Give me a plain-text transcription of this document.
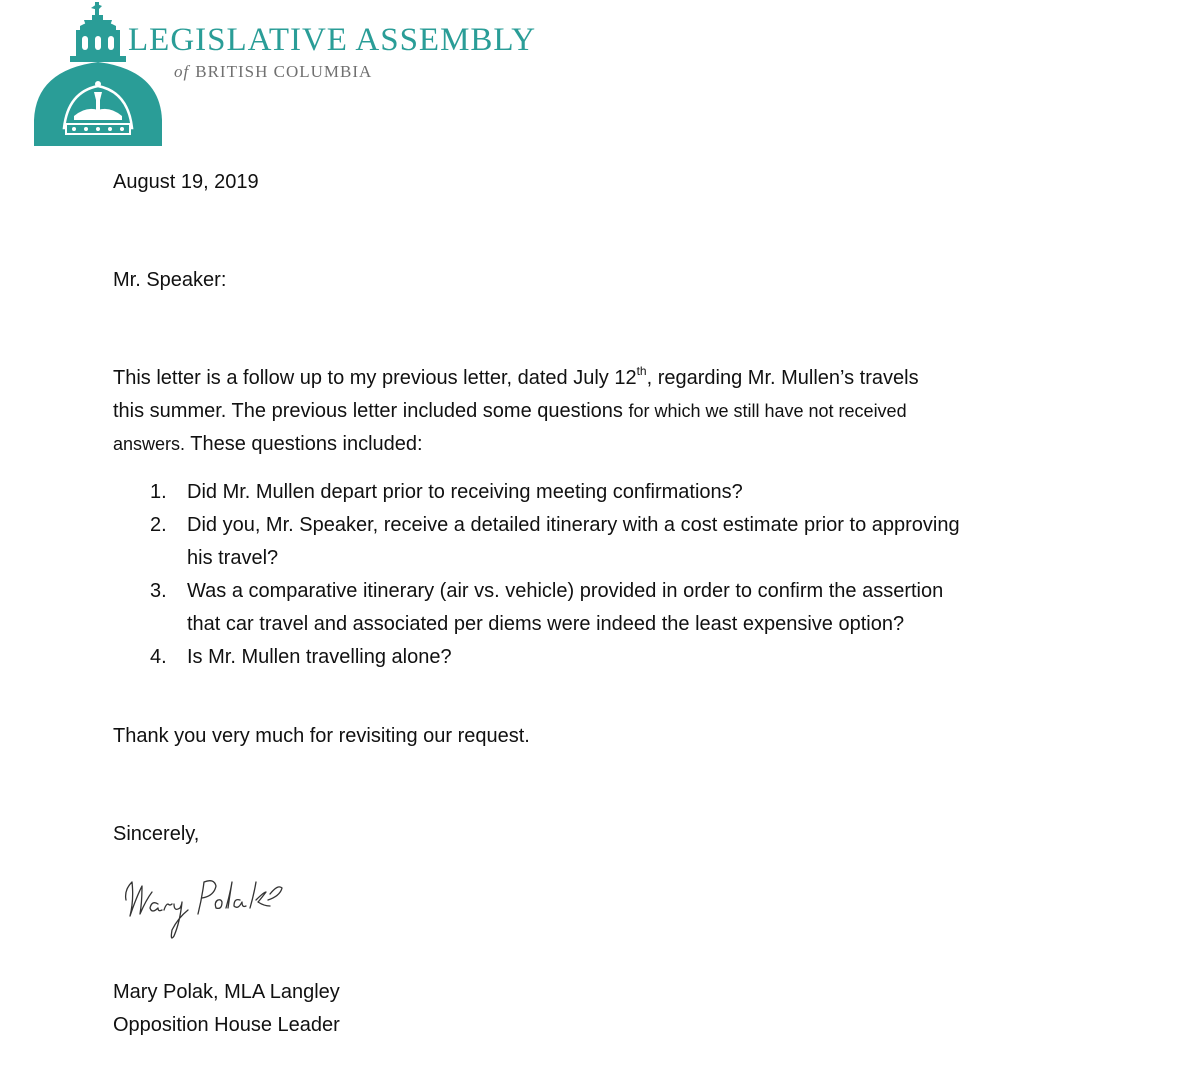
LEGISLATIVE ASSEMBLY
of BRITISH COLUMBIA
August 19, 2019
Mr. Speaker:
This letter is a follow up to my previous letter, dated July 12th, regarding Mr. Mullen’s travels
this summer. The previous letter included some questions for which we still have not received
answers. These questions included:
1. Did Mr. Mullen depart prior to receiving meeting confirmations?
2. Did you, Mr. Speaker, receive a detailed itinerary with a cost estimate prior to approving
his travel?
3. Was a comparative itinerary (air vs. vehicle) provided in order to confirm the assertion
that car travel and associated per diems were indeed the least expensive option?
4. Is Mr. Mullen travelling alone?
Thank you very much for revisiting our request.
Sincerely,
Mary Polak, MLA Langley
Opposition House Leader
